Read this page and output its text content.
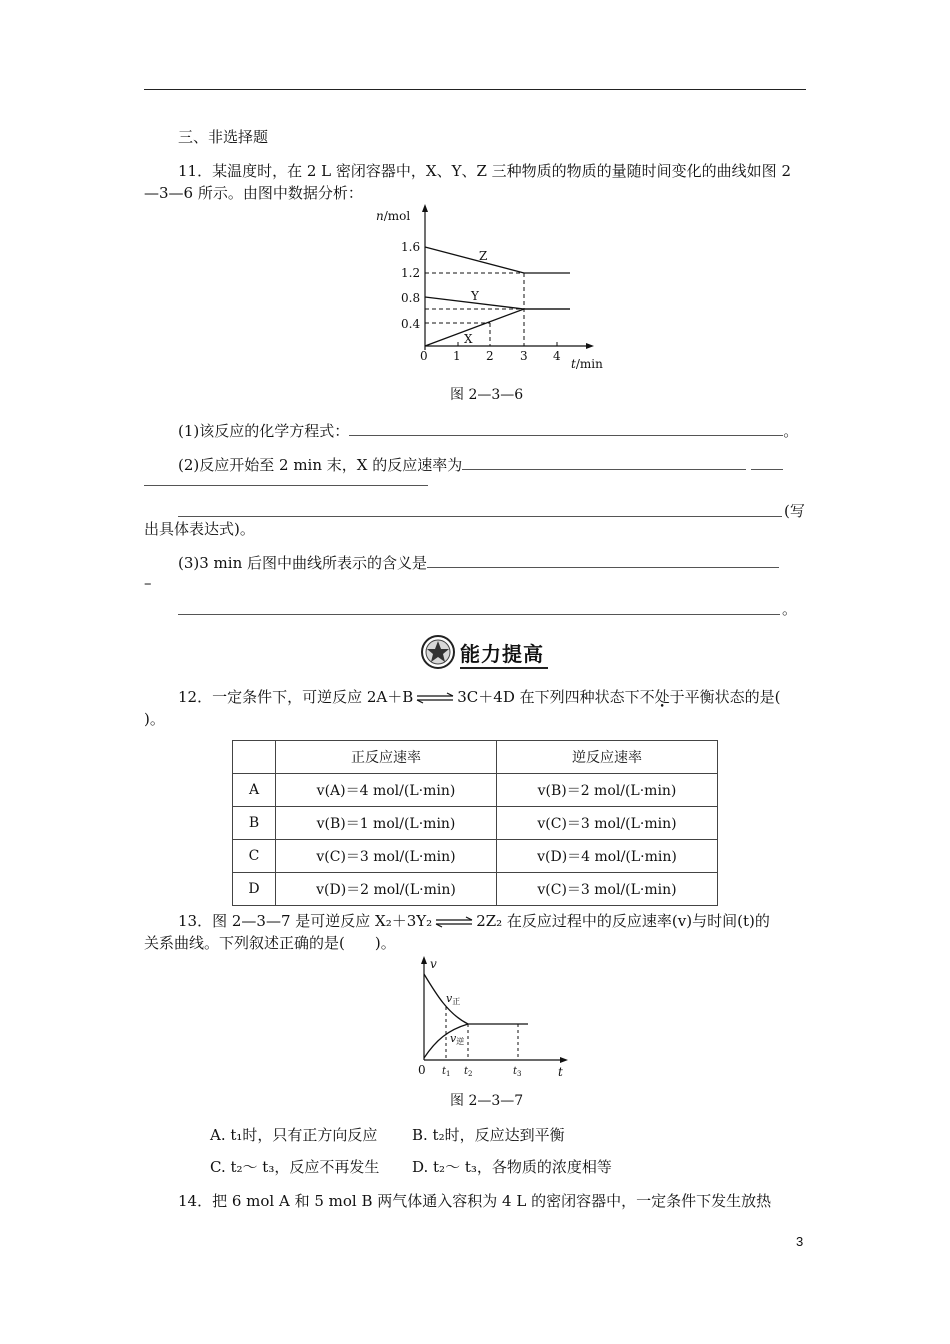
三、非选择题
11．某温度时，在 2 L 密闭容器中，X、Y、Z 三种物质的物质的量随时间变化的曲线如图 2
—3—6 所示。由图中数据分析：
n/mol
t/min
1.6
1.2
0.8
0.4
0 1 2 3 4
Z
Y
X
图 2—3—6
(1)该反应的化学方程式：	。
(2)反应开始至 2 min 末，X 的反应速率为
(写
出具体表达式)。
(3)3 min 后图中曲线所表示的含义是
–
。
能力提高
12．一定条件下，可逆反应 2A＋B ⇌ 3C＋4D 在下列四种状态下不处于平衡状态的是(
)。
	正反应速率	逆反应速率
A	v(A)＝4 mol/(L·min)	v(B)＝2 mol/(L·min)
B	v(B)＝1 mol/(L·min)	v(C)＝3 mol/(L·min)
C	v(C)＝3 mol/(L·min)	v(D)＝4 mol/(L·min)
D	v(D)＝2 mol/(L·min)	v(C)＝3 mol/(L·min)
13．图 2—3—7 是可逆反应 X₂＋3Y₂ ⇌ 2Z₂ 在反应过程中的反应速率(v)与时间(t)的
关系曲线。下列叙述正确的是(　　)。
v
t
0
v正
v逆
$t_1$ $t_2$	$t_3$
图 2—3—7
A. t₁时，只有正方向反应 B. t₂时，反应达到平衡
C. t₂～ t₃，反应不再发生 D. t₂～ t₃，各物质的浓度相等
14．把 6 mol A 和 5 mol B 两气体通入容积为 4 L 的密闭容器中，一定条件下发生放热
3
